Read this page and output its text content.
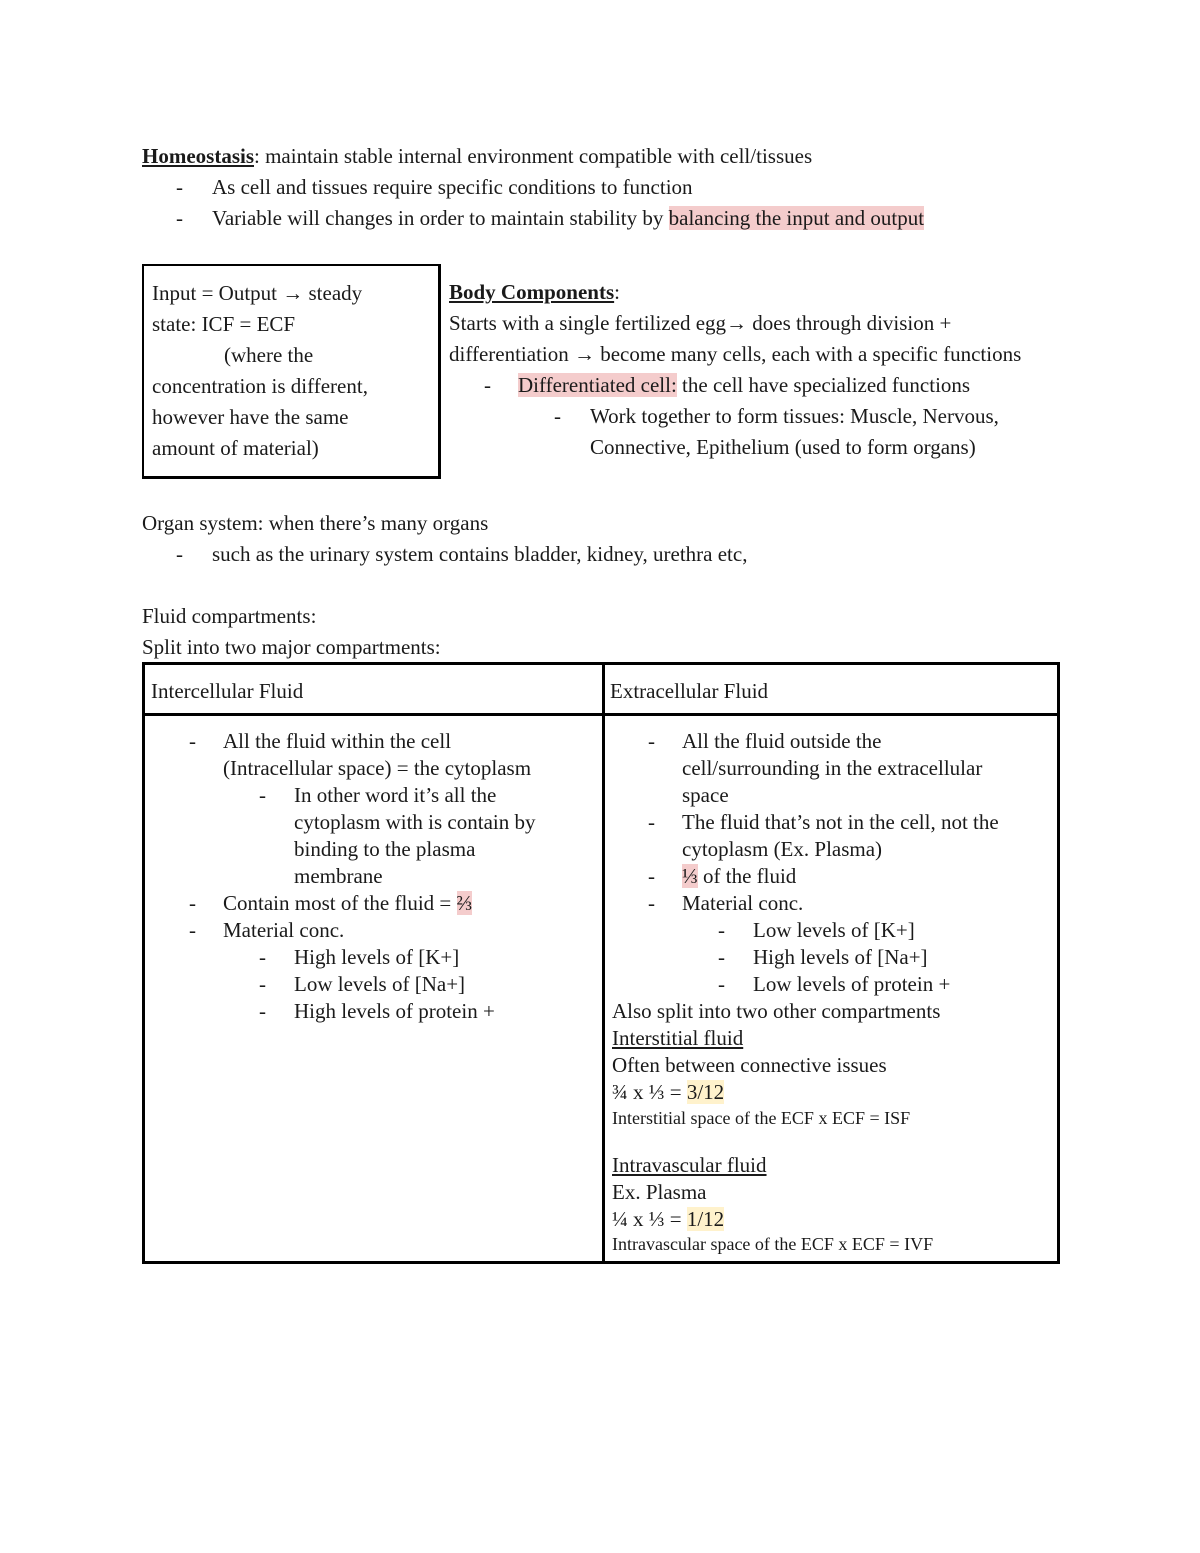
Homeostasis: maintain stable internal environment compatible with cell/tissues
- As cell and tissues require specific conditions to function
- Variable will changes in order to maintain stability by balancing the input and output
Input = Output → steady
state: ICF = ECF
(where the
concentration is different,
however have the same
amount of material)
Body Components:
Starts with a single fertilized egg→ does through division +
differentiation → become many cells, each with a specific functions
- Differentiated cell: the cell have specialized functions
- Work together to form tissues: Muscle, Nervous,
Connective, Epithelium (used to form organs)
Organ system: when there’s many organs
- such as the urinary system contains bladder, kidney, urethra etc,
Fluid compartments:
Split into two major compartments:
Intercellular Fluid	Extracellular Fluid
- All the fluid within the cell
(Intracellular space) = the cytoplasm
- In other word it’s all the
cytoplasm with is contain by
binding to the plasma
membrane
- Contain most of the fluid = ⅔
- Material conc.
- High levels of [K+]
- Low levels of [Na+]
- High levels of protein +
- All the fluid outside the
cell/surrounding in the extracellular
space
- The fluid that’s not in the cell, not the
cytoplasm (Ex. Plasma)
- ⅓ of the fluid
- Material conc.
- Low levels of [K+]
- High levels of [Na+]
- Low levels of protein +
Also split into two other compartments
Interstitial fluid
Often between connective issues
¾ x ⅓ = 3/12
Interstitial space of the ECF x ECF = ISF
Intravascular fluid
Ex. Plasma
¼ x ⅓ = 1/12
Intravascular space of the ECF x ECF = IVF
